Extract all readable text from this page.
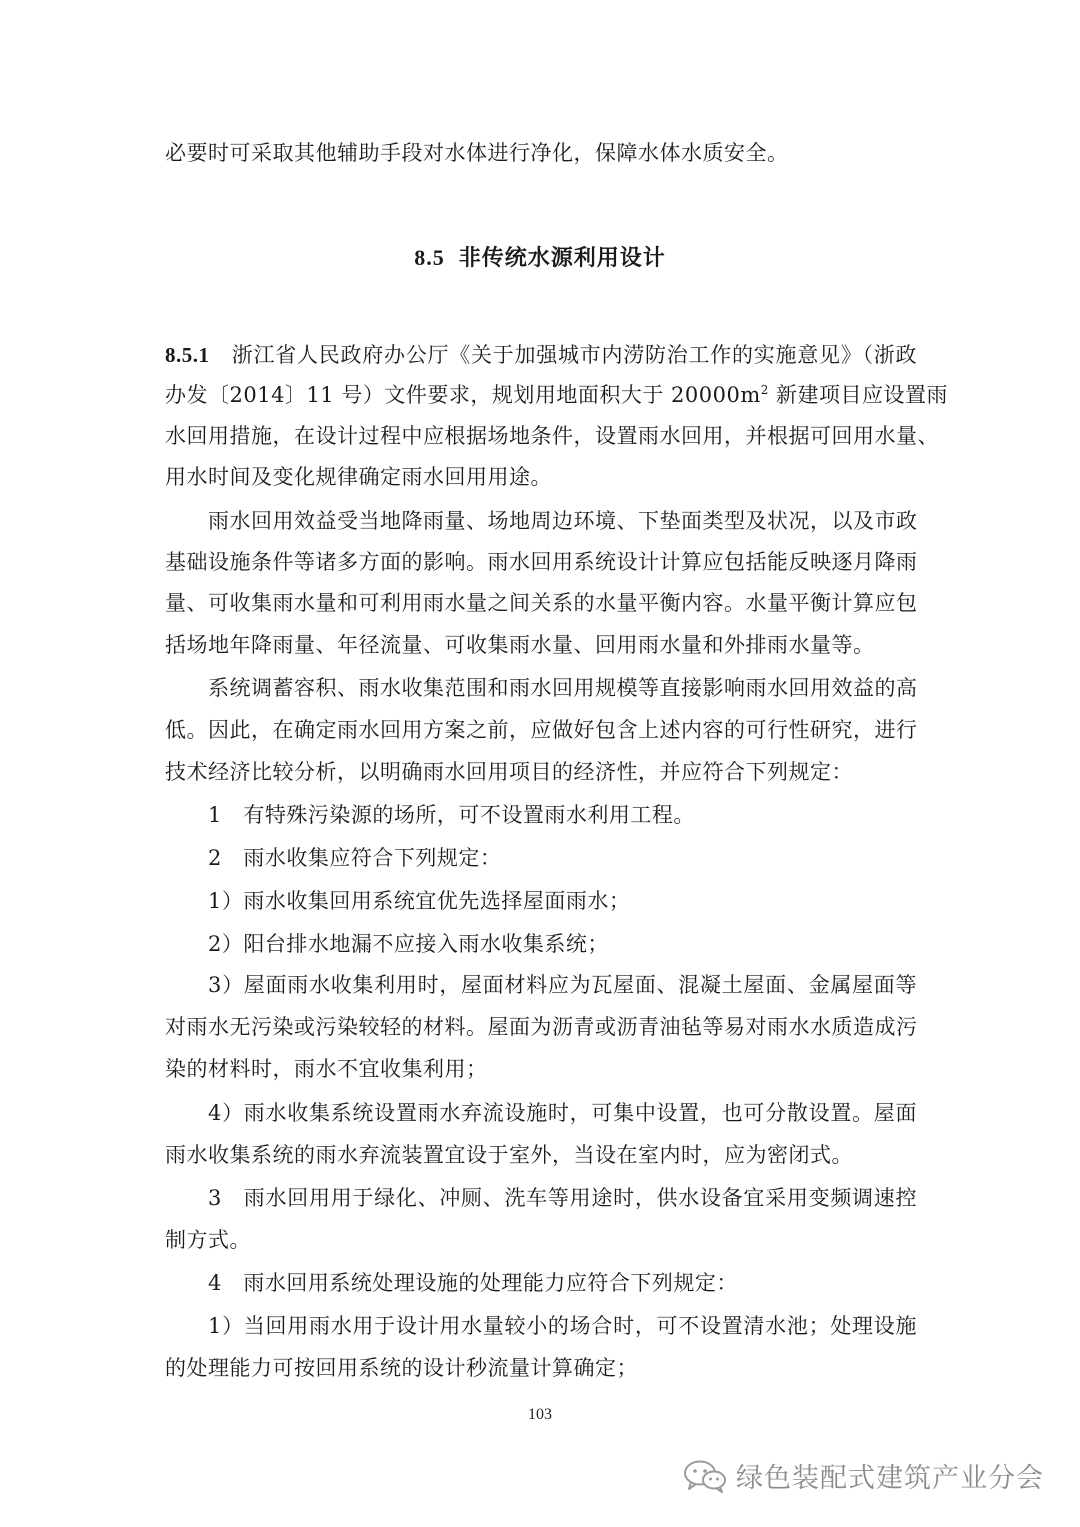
必要时可采取其他辅助手段对水体进行净化，保障水体水质安全。
8.5 非传统水源利用设计
8.5.1 浙江省人民政府办公厅《关于加强城市内涝防治工作的实施意见》（浙政
办发〔2014〕11 号）文件要求，规划用地面积大于 $20000m^2$ 新建项目应设置雨
水回用措施，在设计过程中应根据场地条件，设置雨水回用，并根据可回用水量、
用水时间及变化规律确定雨水回用用途。
雨水回用效益受当地降雨量、场地周边环境、下垫面类型及状况，以及市政
基础设施条件等诸多方面的影响。雨水回用系统设计计算应包括能反映逐月降雨
量、可收集雨水量和可利用雨水量之间关系的水量平衡内容。水量平衡计算应包
括场地年降雨量、年径流量、可收集雨水量、回用雨水量和外排雨水量等。
系统调蓄容积、雨水收集范围和雨水回用规模等直接影响雨水回用效益的高
低。因此，在确定雨水回用方案之前，应做好包含上述内容的可行性研究，进行
技术经济比较分析，以明确雨水回用项目的经济性，并应符合下列规定：
1　有特殊污染源的场所，可不设置雨水利用工程。
2　雨水收集应符合下列规定：
1）雨水收集回用系统宜优先选择屋面雨水；
2）阳台排水地漏不应接入雨水收集系统；
3）屋面雨水收集利用时，屋面材料应为瓦屋面、混凝土屋面、金属屋面等
对雨水无污染或污染较轻的材料。屋面为沥青或沥青油毡等易对雨水水质造成污
染的材料时，雨水不宜收集利用；
4）雨水收集系统设置雨水弃流设施时，可集中设置，也可分散设置。屋面
雨水收集系统的雨水弃流装置宜设于室外，当设在室内时，应为密闭式。
3　雨水回用用于绿化、冲厕、洗车等用途时，供水设备宜采用变频调速控
制方式。
4　雨水回用系统处理设施的处理能力应符合下列规定：
1）当回用雨水用于设计用水量较小的场合时，可不设置清水池；处理设施
的处理能力可按回用系统的设计秒流量计算确定；
103
绿色装配式建筑产业分会
